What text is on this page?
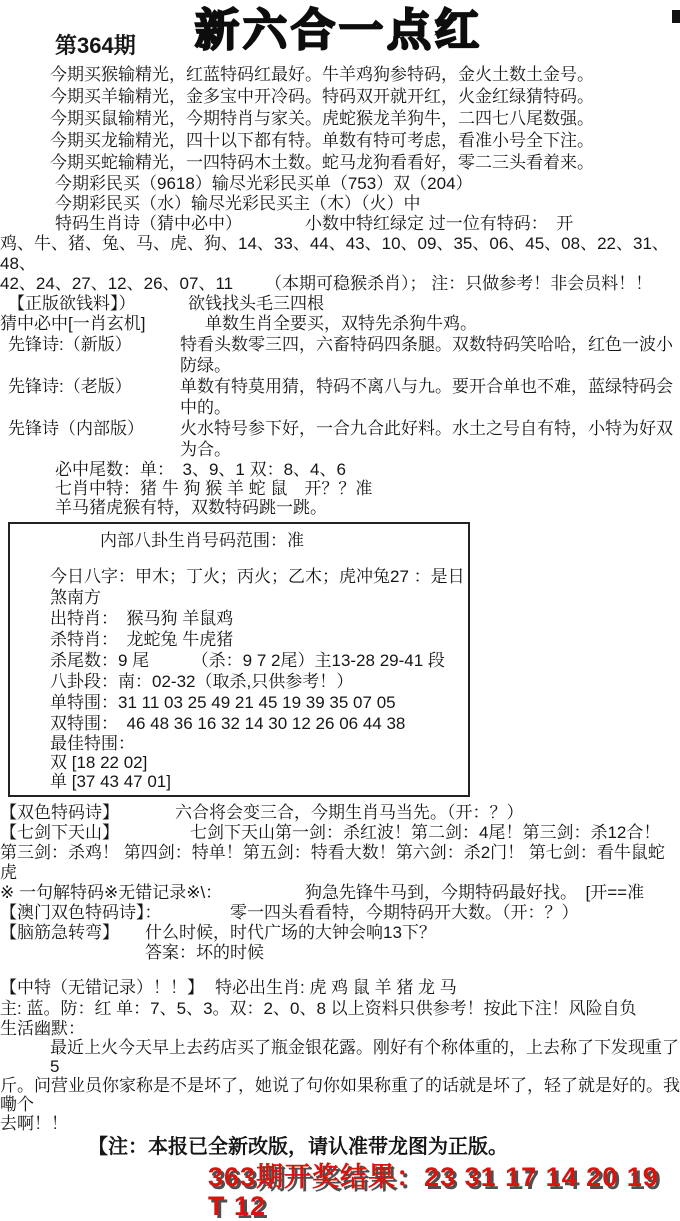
第364期 新六合一点红
今期买猴输精光，红蓝特码红最好。牛羊鸡狗参特码，金火土数土金号。
今期买羊输精光，金多宝中开冷码。特码双开就开红，火金红绿猜特码。
今期买鼠输精光，今期特肖与家关。虎蛇猴龙羊狗牛，二四七八尾数强。
今期买龙输精光，四十以下都有特。单数有特可考虑，看准小号全下注。
今期买蛇输精光，一四特码木土数。蛇马龙狗看看好，零二三头看着来。
今期彩民买（9618）输尽光彩民买单（753）双（204）
今期彩民买（水）输尽光彩民买主（木）（火）中
特码生肖诗（猜中必中）	小数中特红绿定 过一位有特码：　开
鸡、牛、猪、兔、马、虎、狗、14、33、44、43、10、09、35、06、45、08、22、31、48、
42、24、27、12、26、07、11	（本期可稳猴杀肖）； 注：只做参考！非会员料！！
【正版欲钱料】）	欲钱找头毛三四根
猜中必中[一肖玄机]	单数生肖全要买，双特先杀狗牛鸡。
先锋诗:（新版）	特看头数零三四，六畜特码四条腿。双数特码笑哈哈，红色一波小防绿。
先锋诗:（老版）	单数有特莫用猜，特码不离八与九。要开合单也不难，蓝绿特码会中的。
先锋诗（内部版）	火水特号参下好，一合九合此好料。水土之号自有特，小特为好双为合。
必中尾数：单：　3、9、1 双：8、4、6
七肖中特：猪 牛 狗 猴 羊 蛇 鼠　开？？准
羊马猪虎猴有特，双数特码跳一跳。
内部八卦生肖号码范围：准
今日八字：甲木；丁火；丙火；乙木；虎冲兔27 ：是日煞南方
出特肖：　猴马狗 羊鼠鸡
杀特肖：　龙蛇兔 牛虎猪
杀尾数：9 尾　　　（杀：9 7 2尾）主13-28 29-41 段
八卦段：南：02-32（取杀,只供参考！）
单特围：31 11 03 25 49 21 45 19 39 35 07 05
双特围：　46 48 36 16 32 14 30 12 26 06 44 38
最佳特围：
双 [18 22 02]
单 [37 43 47 01]
【双色特码诗】	六合将会变三合，今期生肖马当先。（开：？）
【七剑下天山】	七剑下天山第一剑：杀红波！第二剑：4尾！第三剑：杀12合！
第三剑：杀鸡！ 第四剑：特单！第五剑：特看大数！第六剑：杀2门！ 第七剑：看牛鼠蛇虎
※ 一句解特码※无错记录※\：	狗急先锋牛马到，今期特码最好找。　[开==准
【澳门双色特码诗】：	零一四头看看特，今期特码开大数。（开：？）
【脑筋急转弯】	什么时候，时代广场的大钟会响13下？
答案：坏的时候
【中特（无错记录）！！】 特必出生肖: 虎 鸡 鼠 羊 猪 龙 马
主: 蓝。防：红 单：7、5、3。双：2、0、8 以上资料只供参考！按此下注！风险自负
生活幽默：
最近上火今天早上去药店买了瓶金银花露。刚好有个称体重的，上去称了下发现重了5
斤。问营业员你家称是不是坏了，她说了句你如果称重了的话就是坏了，轻了就是好的。我嘞个
去啊！！
【注：本报已全新改版，请认准带龙图为正版。
363期开奖结果：23 31 17 14 20 19 T 12
